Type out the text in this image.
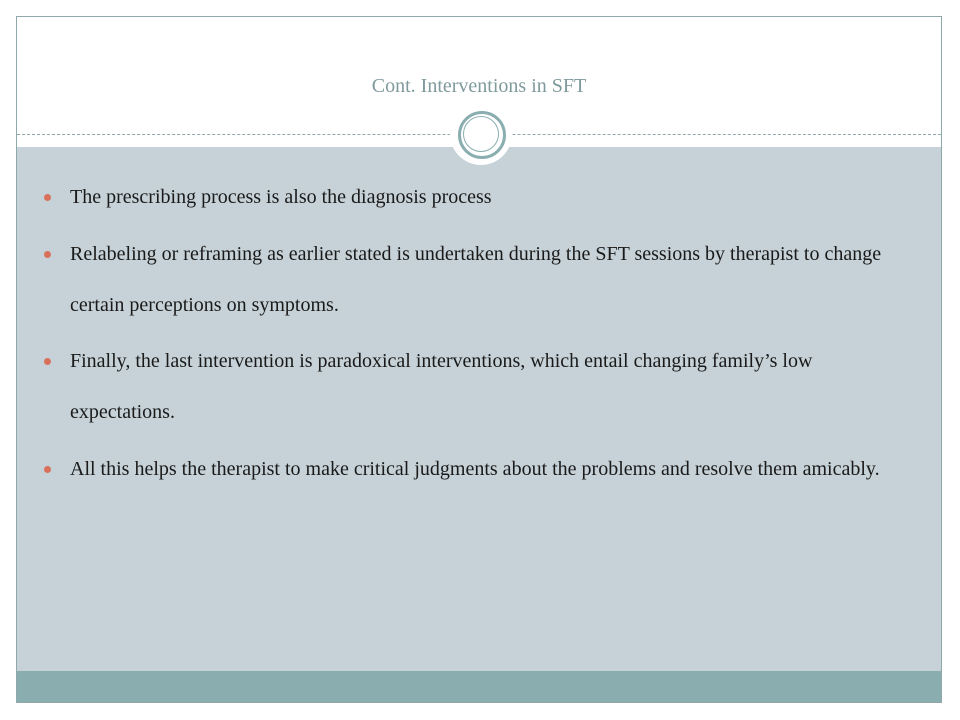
Cont. Interventions in SFT
The prescribing process is also the diagnosis process
Relabeling or reframing as earlier stated is undertaken during the SFT sessions by therapist to change certain perceptions on symptoms.
Finally, the last intervention is paradoxical interventions, which entail changing family’s low expectations.
All this helps the therapist to make critical judgments about the problems and resolve them amicably.
